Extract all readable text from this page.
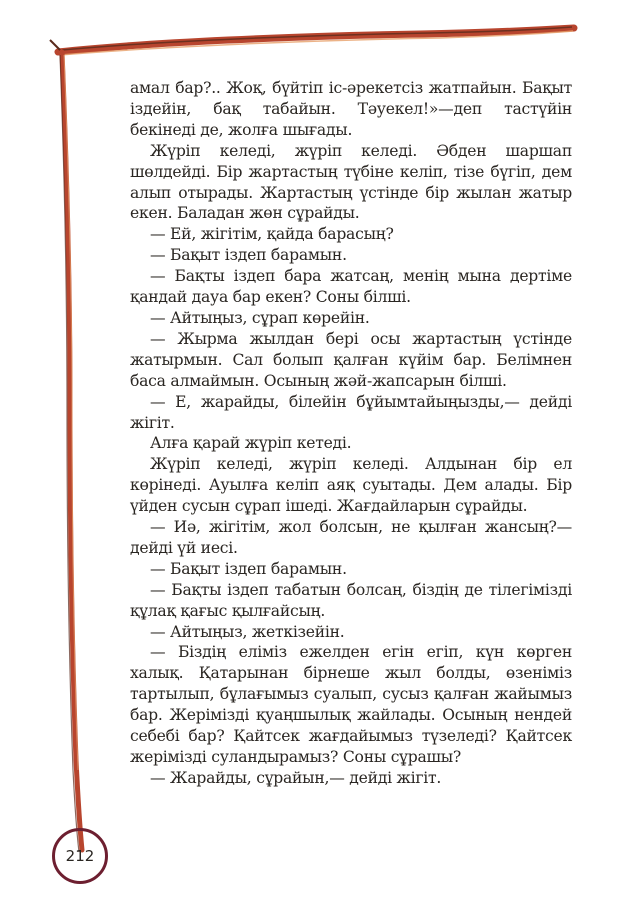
амал бар?.. Жоқ, бүйтіп іс-әрекетсіз жатпайын. Бақыт іздейін, бақ табайын. Тәуекел!»—деп тастүйін бекінеді де, жолға шығады.

Жүріп келеді, жүріп келеді. Әбден шаршап шөлдейді. Бір жартастың түбіне келіп, тізе бүгіп, дем алып отырады. Жартастың үстінде бір жылан жатыр екен. Баладан жөн сұрайды.

— Ей, жігітім, қайда барасың?

— Бақыт іздеп барамын.

— Бақты іздеп бара жатсаң, менің мына дертіме қандай дауа бар екен? Соны білші.

— Айтыңыз, сұрап көрейін.

— Жырма жылдан бері осы жартастың үстінде жатырмын. Сал болып қалған күйім бар. Белімнен баса алмаймын. Осының жәй-жапсарын білші.

— Е, жарайды, білейін бұйымтайыңызды,— дейді жігіт.

Алға қарай жүріп кетеді.

Жүріп келеді, жүріп келеді. Алдынан бір ел көрінеді. Ауылға келіп аяқ суытады. Дем алады. Бір үйден сусын сұрап ішеді. Жағдайларын сұрайды.

— Иә, жігітім, жол болсын, не қылған жансың?— дейді үй иесі.

— Бақыт іздеп барамын.

— Бақты іздеп табатын болсаң, біздің де тілегімізді құлақ қағыс қылғайсың.

— Айтыңыз, жеткізейін.

— Біздің еліміз ежелден егін егіп, күн көрген халық. Қатарынан бірнеше жыл болды, өзеніміз тартылып, бұлағымыз суалып, сусыз қалған жайымыз бар. Жерімізді қуаңшылық жайлады. Осының нендей себебі бар? Қайтсек жағдайымыз түзеледі? Қайтсек жерімізді суландырамыз? Соны сұрашы?

— Жарайды, сұрайын,— дейді жігіт.

212
